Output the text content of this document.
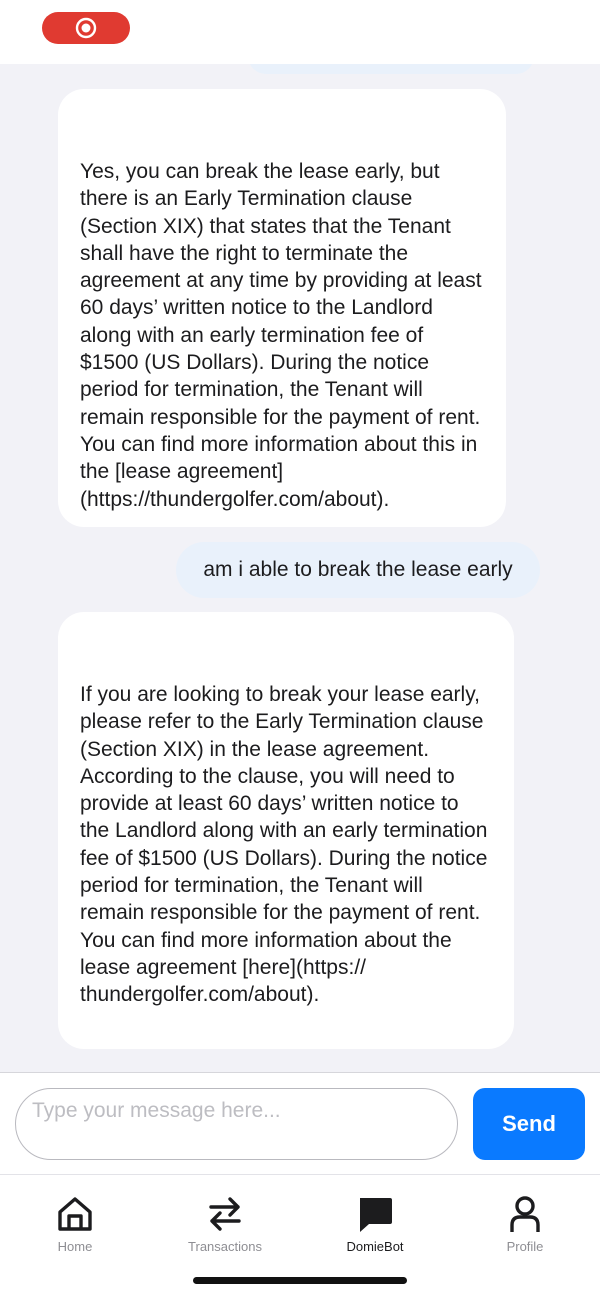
Yes, you can break the lease early, but there is an Early Termination clause (Section XIX) that states that the Tenant shall have the right to terminate the agreement at any time by providing at least 60 days’ written notice to the Landlord along with an early termination fee of $1500 (US Dollars). During the notice period for termination, the Tenant will remain responsible for the payment of rent. You can find more information about this in the [lease agreement] (https://thundergolfer.com/about).
am i able to break the lease early
If you are looking to break your lease early, please refer to the Early Termination clause (Section XIX) in the lease agreement. According to the clause, you will need to provide at least 60 days’ written notice to the Landlord along with an early termination fee of $1500 (US Dollars). During the notice period for termination, the Tenant will remain responsible for the payment of rent. You can find more information about the lease agreement [here](https:// thundergolfer.com/about).
Type your message here...
Send
Home	Transactions	DomieBot	Profile
